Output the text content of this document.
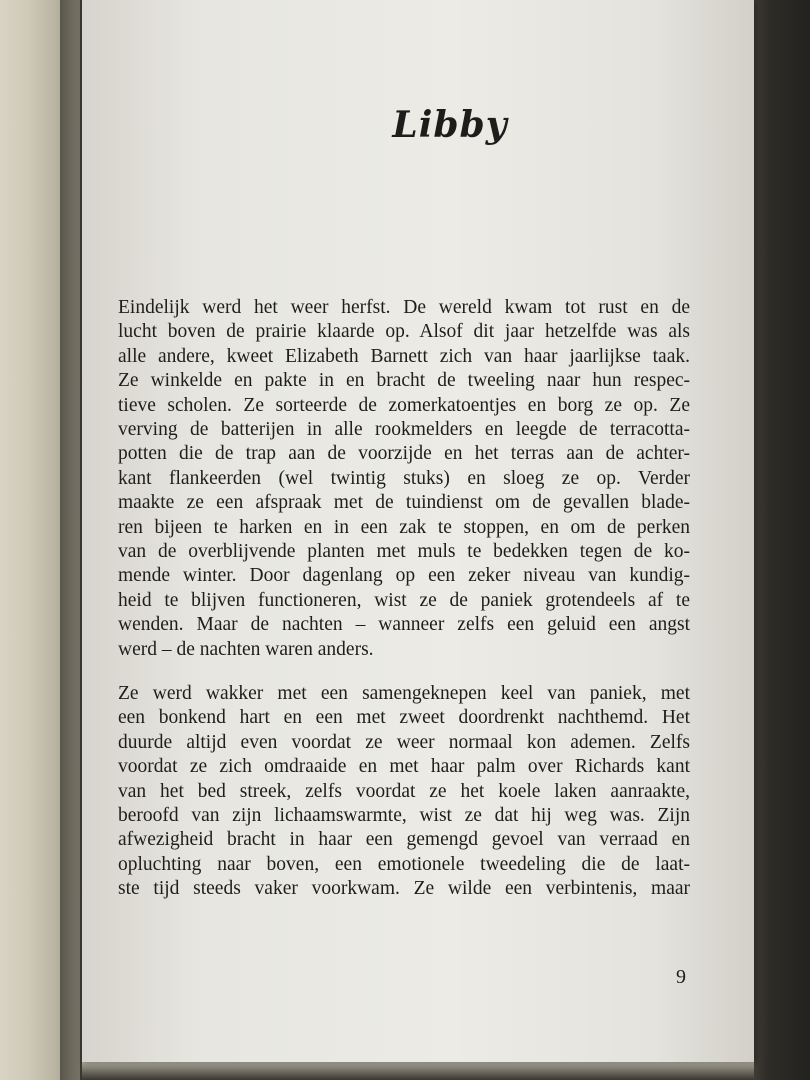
Libby
Eindelijk werd het weer herfst. De wereld kwam tot rust en de
lucht boven de prairie klaarde op. Alsof dit jaar hetzelfde was als
alle andere, kweet Elizabeth Barnett zich van haar jaarlijkse taak.
Ze winkelde en pakte in en bracht de tweeling naar hun respec-
tieve scholen. Ze sorteerde de zomerkatoentjes en borg ze op. Ze
verving de batterijen in alle rookmelders en leegde de terracotta-
potten die de trap aan de voorzijde en het terras aan de achter-
kant flankeerden (wel twintig stuks) en sloeg ze op. Verder
maakte ze een afspraak met de tuindienst om de gevallen blade-
ren bijeen te harken en in een zak te stoppen, en om de perken
van de overblijvende planten met muls te bedekken tegen de ko-
mende winter. Door dagenlang op een zeker niveau van kundig-
heid te blijven functioneren, wist ze de paniek grotendeels af te
wenden. Maar de nachten – wanneer zelfs een geluid een angst
werd – de nachten waren anders.
Ze werd wakker met een samengeknepen keel van paniek, met
een bonkend hart en een met zweet doordrenkt nachthemd. Het
duurde altijd even voordat ze weer normaal kon ademen. Zelfs
voordat ze zich omdraaide en met haar palm over Richards kant
van het bed streek, zelfs voordat ze het koele laken aanraakte,
beroofd van zijn lichaamswarmte, wist ze dat hij weg was. Zijn
afwezigheid bracht in haar een gemengd gevoel van verraad en
opluchting naar boven, een emotionele tweedeling die de laat-
ste tijd steeds vaker voorkwam. Ze wilde een verbintenis, maar
9
